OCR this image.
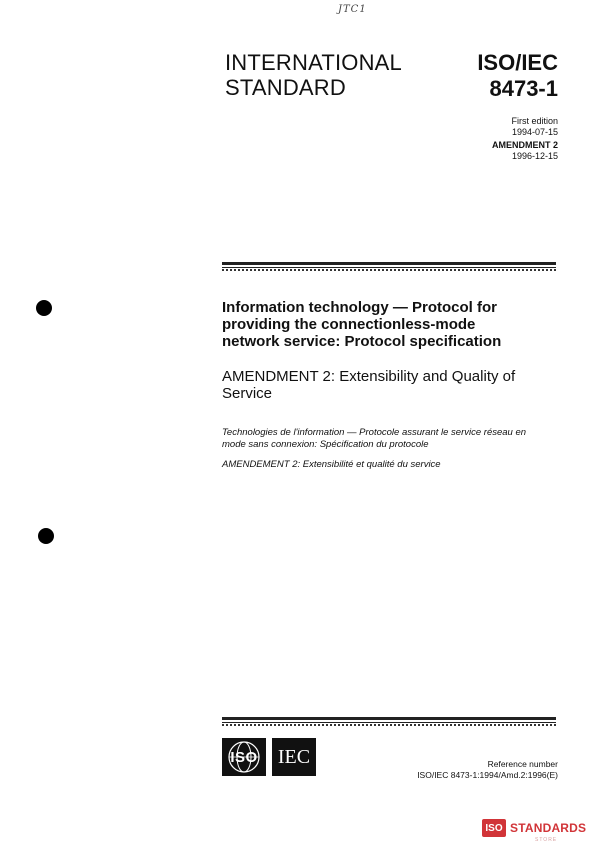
JTC1
INTERNATIONAL
STANDARD
ISO/IEC
8473-1
First edition
1994-07-15
AMENDMENT 2
1996-12-15
Information technology — Protocol for
providing the connectionless-mode
network service: Protocol specification
AMENDMENT 2: Extensibility and Quality of
Service
Technologies de l'information — Protocole assurant le service réseau en
mode sans connexion: Spécification du protocole
AMENDEMENT 2: Extensibilité et qualité du service
ISO IEC	Reference number
ISO/IEC 8473-1:1994/Amd.2:1996(E)
ISO STANDARDS
STORE
